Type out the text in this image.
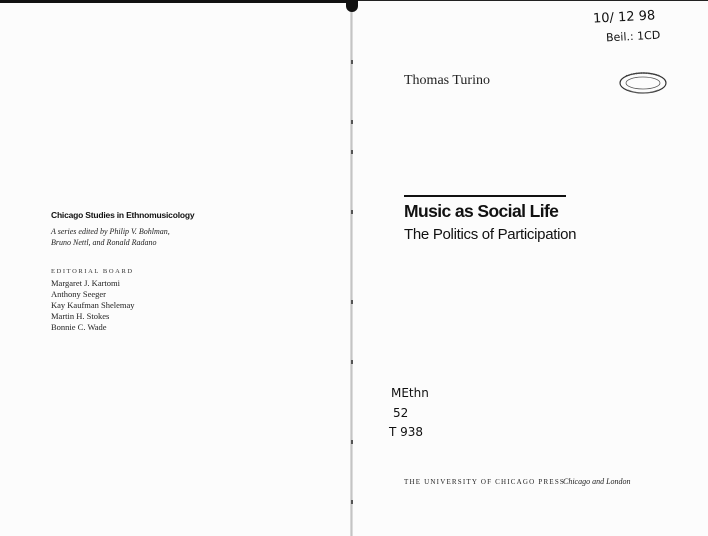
Chicago Studies in Ethnomusicology
A series edited by Philip V. Bohlman,
Bruno Nettl, and Ronald Radano
EDITORIAL BOARD
Margaret J. Kartomi
Anthony Seeger
Kay Kaufman Shelemay
Martin H. Stokes
Bonnie C. Wade
Thomas Turino
Music as Social Life
The Politics of Participation
THE UNIVERSITY OF CHICAGO PRESS
Chicago and London
10/ 12 98
Beil.: 1CD
MEthn
52
T 938
